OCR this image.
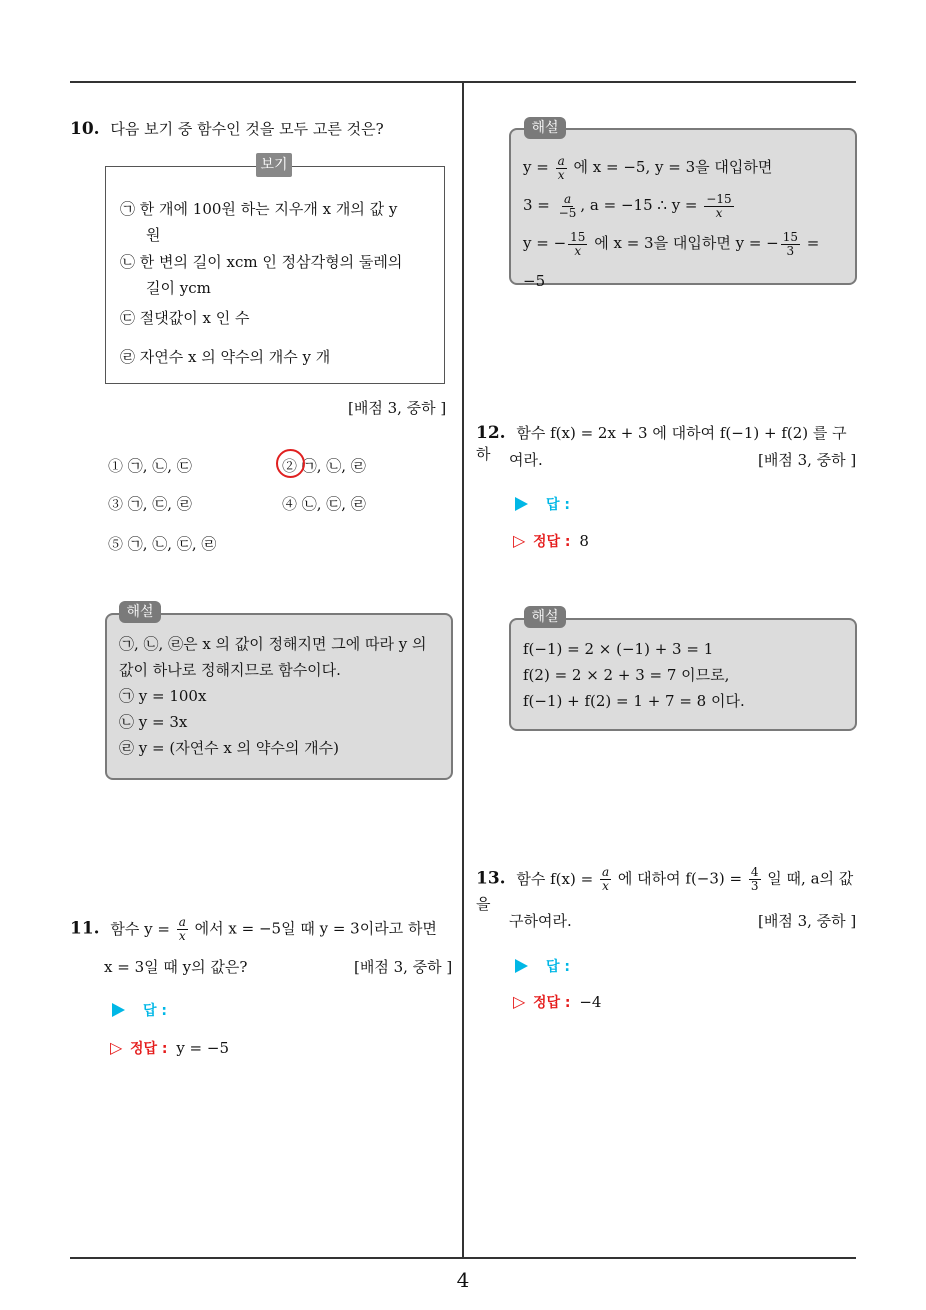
10. 다음 보기 중 함수인 것을 모두 고른 것은?
보기
㉠ 한 개에 100원 하는 지우개 x 개의 값 y
원
㉡ 한 변의 길이 xcm 인 정삼각형의 둘레의
길이 ycm
㉢ 절댓값이 x 인 수
㉣ 자연수 x 의 약수의 개수 y 개
[배점 3, 중하 ]
① ㉠, ㉡, ㉢	② ㉠, ㉡, ㉣
③ ㉠, ㉢, ㉣	④ ㉡, ㉢, ㉣
⑤ ㉠, ㉡, ㉢, ㉣
㉠, ㉡, ㉣은 x 의 값이 정해지면 그에 따라 y 의
값이 하나로 정해지므로 함수이다.
㉠ y = 100x
㉡ y = 3x
㉣ y = (자연수 x 의 약수의 개수)
해설
11. 함수 $y = \frac{a}{x}$ 에서 x = −5일 때 y = 3이라고 하면
x = 3일 때 y의 값은?	[배점 3, 중하 ]
답 :
▷ 정답 : y = −5
$y = \frac{a}{x}$ 에 x = −5, y = 3을 대입하면
$3 = \frac{a}{-5}$ , a = −15 ∴ $y = \frac{-15}{x}$
y = − $\frac{15}{x}$ 에 x = 3을 대입하면 y = − $\frac{15}{3} = -5$
해설
12. 함수 f(x) = 2x + 3 에 대하여 f(−1) + f(2) 를 구하	여라.	[배점 3, 중하 ]
답 :
▷ 정답 : 8
f(−1) = 2 × (−1) + 3 = 1
f(2) = 2 × 2 + 3 = 7 이므로,
f(−1) + f(2) = 1 + 7 = 8 이다.
해설
13. 함수 $f(x) = \frac{a}{x}$ 에 대하여 $f(-3) = \frac{4}{3}$ 일 때, a의 값을
구하여라.	[배점 3, 중하 ]
답 :
▷ 정답 : −4
4
